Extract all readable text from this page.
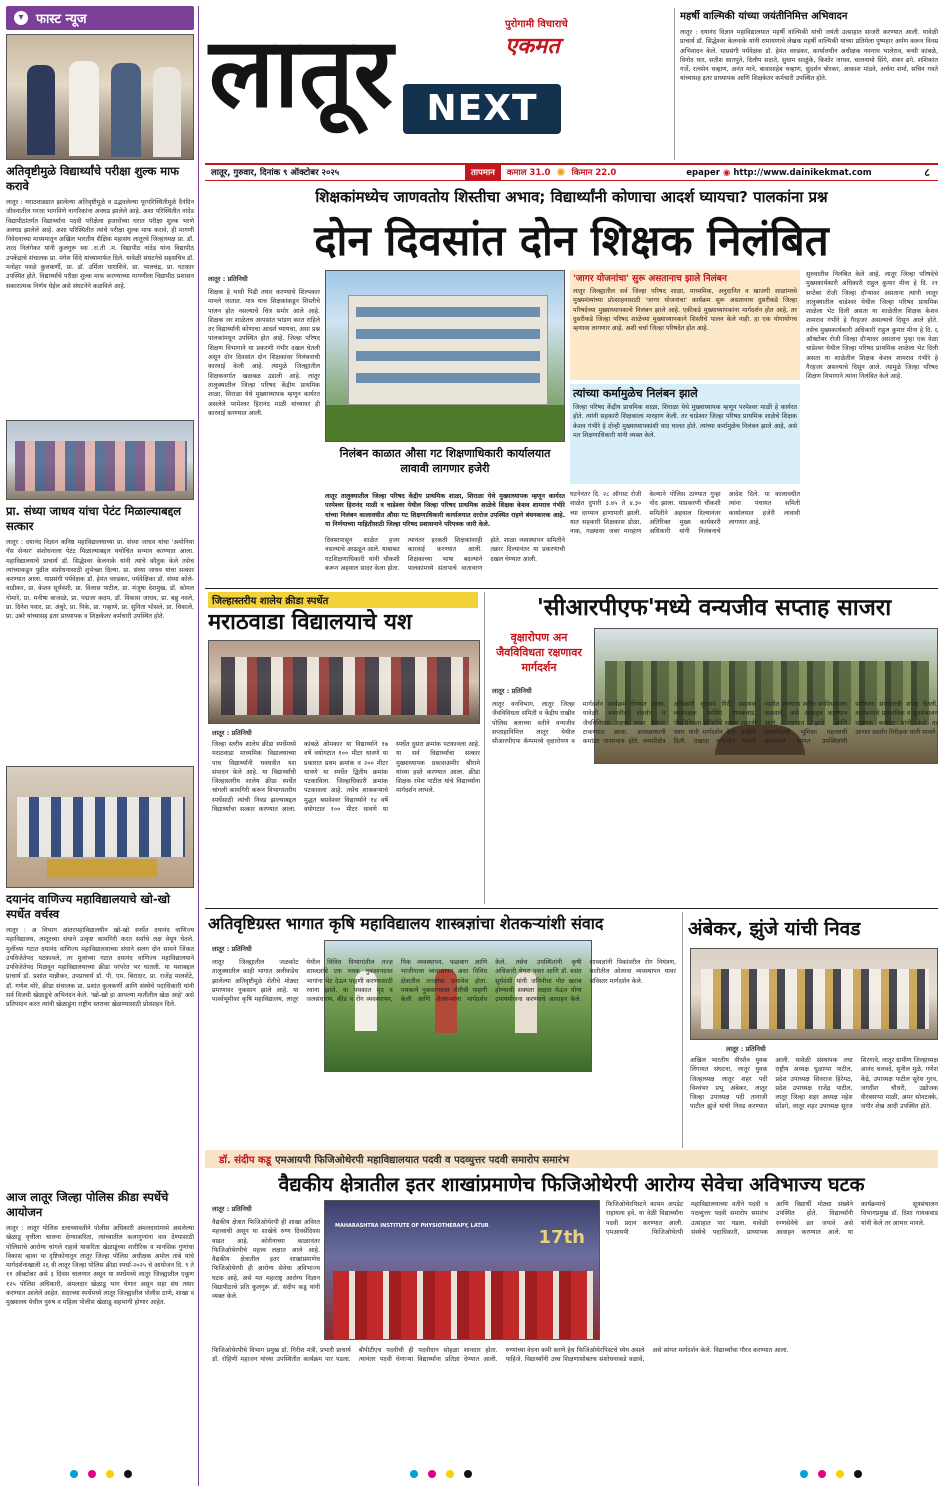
▾ फास्ट न्यूज
अतिवृष्टीमुळे विद्यार्थ्यांचे परीक्षा शुल्क माफ करावे
लातूर : मराठवाड्यात झालेल्या अतिवृष्टीमुळे व उद्भवलेल्या पूरपरिस्थितीमुळे दैनंदिन जीवनातील गरजा भागविणे नागरिकांना अवघड झालेले आहे. अशा परिस्थितीत नांदेड विद्यापीठांतर्गत विद्यार्थ्यांना पदवी परीक्षेला हजारोंच्या घरात परीक्षा शुल्क भरणे अवघड झालेले आहे. अशा परिस्थितीत त्यांचे परीक्षा शुल्क माफ करावे, ही मागणी निवेदनाच्या माध्यमातून अखिल भारतीय शैक्षिक महासंघ लातूरचे जिल्हाध्यक्ष प्रा. डॉ. शरद निलंगेकर यांनी कुलगुरू स्वा .रा.ती .म. विद्यापीठ नांदेड यांना विद्यापीठ उपकेंद्राचे संचालक प्रा. मंगेश शिंदे यांच्यामार्फत दिले. यावेळी संघटनेचे सहसचिव डॉ. मनोहर पवळे कुलकर्णी, प्रा. डॉ. उर्मिला धाराशिवे, प्रा. भालचंद्र, प्रा. घटकार उपस्थित होते. विद्यार्थ्यांचे परीक्षा शुल्क माफ करण्याच्या मागणीला विद्यापीठ प्रशासन सकारात्मक निर्णय घेईल असे संघटनेने कळविले आहे.
प्रा. संध्या जाधव यांचा पेटंट मिळाल्याबद्दल सत्कार
लातूर : दयानंद विज्ञान कनिष्ठ महाविद्यालयाच्या प्रा. संध्या जाधव यांचा 'अमोनिया गॅस सेन्सर' संशोधनाला पेटंट मिळाल्याबद्दल यथोचित सन्मान करण्यात आला. महाविद्यालयाचे प्राचार्य डॉ. सिद्धेश्वर केलनाके यांनी त्यांचे कौतुक केले तसेच त्यांच्याकडून पुढील संशोधनासाठी शुभेच्छा दिल्या. प्रा. संध्या जाधव यांचा सत्कार करण्यात आला. याप्रसंगी पर्यवेक्षक डॉ. हेमंत वरुडकर, पर्यवेक्षिका डॉ. संध्या कोले-वाडीकर, प्रा. केशव सूर्यवंशी, प्रा. विलास पाटील, प्रा. मंजुषा देशमुख, डॉ. कोमल गोमारे, प्रा. मनीषा बाजाळे, प्रा. पद्मजा कदम, डॉ. विकास जाधव, प्रा. बब्रु नवले, प्रा. दिनेश पवार, प्रा. अंबुरे, प्रा. पिके, प्रा. गव्हाणे, प्रा. सुनिता भोसले, प्रा. चिकाले, प्रा. उबरे यांच्यासह इतर प्राध्यापक व शिक्षकेतर कर्मचारी उपस्थित होते.
दयानंद वाणिज्य महाविद्यालयाचे खो-खो स्पर्धेत वर्चस्व
लातूर : अ विभाग आंतरमहाविद्यालयीन खो-खो स्पर्धेत दयानंद वाणिज्य महाविद्यालय, लातूरच्या संघाने उत्कृष्ट कामगिरी करत सर्वांचे लक्ष वेधून घेतले. मुलींच्या गटात दयानंद वाणिज्य महाविद्यालयाच्या संघाने सलग दोन सामने जिंकत उपविजेतेपद पटकावले, तर मुलांच्या गटात दयानंद वाणिज्य महाविद्यालयाने उपविजेतेपद मिळवून महाविद्यालयाच्या क्रीडा परंपरेत भर घातली. या यशाबद्दल प्राचार्य डॉ. प्रशांत मान्नीकर, उपप्राचार्य डॉ. पी. एम. बिरादार, प्रा. राजेंद्र मालशेटे, डॉ. गणेश मोरे, क्रीडा संचालक प्रा. प्रशांत कुलकर्णी आणि संस्थेचे पदाधिकारी यांनी सर्व विजयी खेळाडूंचे अभिनंदन केले. 'खो-खो हा आपल्या मातीतील खेळ आहे' असे प्रतिपादन करत त्यांनी खेळाडूंना राष्ट्रीय स्तरावर खेळण्यासाठी प्रोत्साहन दिले.
आज लातूर जिल्हा पोलिस क्रीडा स्पर्धेचे आयोजन
लातूर : लातूर पोलिस दलाच्यावतीने पोलीस अधिकारी अंमलदारांमध्ये असलेल्या खेळाडू वृत्तीला चालना देण्याकरिता, त्यांच्यातील कलागुणांना वाव देण्यासाठी पोलिसांचे आरोग्य चांगले राहावे याकरिता खेळाडूंच्या शारीरिक व मानसिक गुणांचा विकास व्हावा या दृष्टिकोनातून लातूर जिल्हा पोलिस अधीक्षक अमोल तांबे यांचे मार्गदर्शनाखाली २६ वी लातूर जिल्हा पोलिस क्रीडा स्पर्धा-२०२५ चे आयोजन दि. ९ ते ११ ऑक्टोबर असे ३ दिवस चालणार असून या स्पर्धेमध्ये लातूर जिल्ह्यातील एकूण १२५ पोलिस अधिकारी, अंमलदार खेळाडू भाग घेणार असून सहा संघ तयार करण्यात आलेले आहेत. सदरच्या स्पर्धेमध्ये लातूर जिल्ह्यातील पोलीस ठाणे, शाखा व मुख्यालय येथील पुरुष व महिला पोलीस खेळाडू सहभागी होणार आहेत.
लातूर	पुरोगामी विचाराचे
एकमत
NEXT
महर्षी वाल्मिकी यांच्या जयंतीनिमित्त अभिवादन
लातूर : दयानंद विज्ञान महाविद्यालयात महर्षी वाल्मिकी यांची जयंती उत्साहात साजरी करण्यात आली. यावेळी प्राचार्य डॉ. सिद्धेश्वर केलनाके यांनी रामायणाचे लेखक महर्षी वाल्मिकी यांच्या प्रतिमेला पुष्पहार अर्पण करून विनम्र अभिवादन केले. याप्रसंगी पर्यवेक्षक डॉ. हेमंत वरुडकर, कार्यालयीन अधीक्षक नवनाथ भालेराव, बन्सी कांबळे, विनोद धार, सतीश सातपुते, दिलीप सदाते, सुधाम साळुंके, किशोर जाधव, चालनायो सिंगे, शंकर ढगे, शशिकांत गर्जे, रत्नसेन चव्हाण, अनंत माने, बावासाहेब चव्हाण, सुदर्शन बोरकर, आकाश मांडवे, अर्चना शर्मा, सचिन गवते यांच्यासह इतर प्राध्यापक आणि शिक्षकेतर कर्मचारी उपस्थित होते.
लातूर, गुरुवार, दिनांक ९ ऑक्टोबर २०२५	तापमान	कमाल 31.0 ✺ किमान 22.0	epaper ◉ http://www.dainikekmat.com	८
शिक्षकांमध्येच जाणवतोय शिस्तीचा अभाव; विद्यार्थ्यांनी कोणाचा आदर्श घ्यायचा? पालकांना प्रश्न
दोन दिवसांत दोन शिक्षक निलंबित
लातूर : प्रतिनिधी
शिक्षक हे भावी पिढी तयार करण्याचे शिल्पकार मानले जातात. मात्र याच शिक्षकांकडून शिस्तीचे पालन होत नसल्याचे चित्र समोर आले आहे. शिक्षक जर शाळेतच आपसांत भांडण करत राहिले तर विद्यार्थ्यांनी कोणाचा आदर्श घ्यायचा, असा प्रश्न पालकांमधून उपस्थित होत आहे. जिल्हा परिषद शिक्षण विभागाने या प्रकरणी गंभीर दखल घेतली असून दोन दिवसांत दोन शिक्षकांवर निलंबनाची कारवाई केली आहे. त्यामुळे जिल्ह्यातील शिक्षकवर्गात खळबळ उडाली आहे. लातूर तालुक्यातील जिल्हा परिषद केंद्रीय प्राथमिक शाळा, शिराळा येथे मुख्याध्यापक म्हणून कार्यरत असलेले परमेश्वर हिरानंद माळी यांच्यावर ही कारवाई करण्यात आली.
निलंबन काळात औसा गट शिक्षणाधिकारी कार्यालयात लावावी लागणार हजेरी
लातूर तालुक्यातील जिल्हा परिषद केंद्रीय प्राथमिक शाळा, शिराळा येथे मुख्याध्यापक म्हणून कार्यरत परमेश्वर हिरानंद माळी व चाडेश्वर येथील जिल्हा परिषद प्राथमिक शाळेचे शिक्षक केशव शामराव गंभीरे यांच्या निलंबन कालावधीत औसा गट शिक्षणाधिकारी कार्यालयात दररोज उपस्थित राहणे बंधनकारक आहे. या निर्णयाच्या माहितीसाठी जिल्हा परिषद प्रशासनाने परिपत्रक जारी केले.
दिवसापासून शाळेत हजर नसल्याचे आढळून आले. याबाबत गटशिक्षणाधिकारी यांनी चौकशी करून अहवाल सादर केला होता. त्यानंतर हरकती शिक्षकांवरही कारवाई करण्यात आली. शिक्षकाच्या भाषा बदल्याने पालकांमध्ये संतापाचे वातावरण होते. शाळा व्यवस्थापन समितीने तक्रार दिल्यानंतर या प्रकरणाची दखल घेण्यात आली.
'जागर योजनांचा' सुरू असतानाच झाले निलंबन
लातूर जिल्ह्यातील सर्व जिल्हा परिषद शाळा, माध्यमिक, अनुदानित व खाजगी शाळांमध्ये मुख्यमंत्र्यांच्या प्रोत्साहनासाठी 'जागर योजनांचा' कार्यक्रम सुरू असतानाच दुसरीकडे जिल्हा परिषदेच्या मुख्याध्यापकाचे निलंबन झाले आहे. एकीकडे मुख्याध्यापकांना मार्गदर्शन होत आहे, तर दुसरीकडे जिल्हा परिषद शाळेच्या मुख्याध्यापकाने शिस्तीचे पालन केले नाही. हा एक योगायोगच म्हणावा लागणार आहे. अशी चर्चा जिल्हा परिषदेत होत आहे.
त्यांच्या कर्मामुळेच निलंबन झाले
जिल्हा परिषद केंद्रीय प्राथमिक शाळा, शिराळा येथे मुख्याध्यापक म्हणून परमेश्वर माळी हे कार्यरत होते. त्यांनी सहकारी शिक्षकाला मारहाण केली. तर चाडेश्वर जिल्हा परिषद प्राथमिक शाळेचे शिक्षक केशव गंभीरे हे दोन्ही मुख्याध्यापकांशी वाद घालत होते. त्यांच्या कर्मामुळेच निलंबन झाले आहे, असे मत शिक्षणाधिकारी यांनी व्यक्त केले.
घटनेनंतर दि. २८ ऑगस्ट रोजी शाळेत दुपारी ३.४५ ते ४.३० च्या दरम्यान हाणामारी झाली. यात सहकारी शिक्षकास डोळा, नाक, गळ्यावर जबर मारहाण केल्याने पोलिस ठाण्यात गुन्हा नोंद झाला. याप्रकरणी चौकशी समितीने अहवाल दिल्यानंतर अतिरिक्त मुख्य कार्यकारी अधिकारी यांनी निलंबनाचे आदेश दिले. या कालावधीत त्यांना पंचायत समिती कार्यालयात हजेरी लावावी लागणार आहे.
सुरुवातीस निलंबित केले आहे. लातूर जिल्हा परिषदेचे मुख्यकार्यकारी अधिकारी राहुल कुमार मीना हे दि. २१ सप्टेंबर रोजी जिल्हा दौऱ्यावर असताना त्यांनी लातूर तालुक्यातील चाडेश्वर येथील जिल्हा परिषद प्राथमिक शाळेला भेट दिली असता या शाळेतील शिक्षक केशव शामराव गंभीरे हे गैरहजर असल्याचे दिसून आले होते. तसेच मुख्यकार्यकारी अधिकारी राहुल कुमार मीना हे दि. ६ ऑक्टोबर रोजी जिल्हा दौऱ्यावर असताना पुन्हा एक वेळा चाडेश्वर येथील जिल्हा परिषद प्राथमिक शाळेला भेट दिली असता या शाळेतील शिक्षक केशव शामराव गंभीरे हे गैरहजर असल्याचे दिसून आले. त्यामुळे जिल्हा परिषद शिक्षण विभागाने त्यांना निलंबित केले आहे.
जिल्हास्तरीय शालेय क्रीडा स्पर्धेत
मराठवाडा विद्यालयाचे यश
लातूर : प्रतिनिधी
जिल्हा स्तरीय शालेय क्रीडा स्पर्धेमध्ये मराठवाडा माध्यमिक विद्यालयाच्या पाच विद्यार्थ्यांनी घवघवीत यश संपादन केले आहे. या विद्यार्थ्यांची जिल्हास्तरीय शालेय क्रीडा स्पर्धेत चांगली कामगिरी करून विभागस्तरीय स्पर्धेसाठी त्यांची निवड झाल्याबद्दल विद्यार्थ्यांचा सत्कार करण्यात आला. कांबळे ओमकार या विद्यार्थ्याने १७ वर्षे वयोगटात १०० मीटर धावणे या प्रकारात प्रथम क्रमांक व २०० मीटर धावणे या स्पर्धेत द्वितीय क्रमांक पटकाविला. जिल्हाधिकारी क्रमांक पटकावला आहे. तसेच शाकबऱ्याचे मुद्धत बसवेश्वर विद्यार्थ्याने १४ वर्षे वयोगटात १०० मीटर धावणे या स्पर्धेत दुसरा क्रमांक पटकावला आहे. या सर्व विद्यार्थ्यांचा सत्कार मुख्याध्यापक प्रकाशअमीर श्रीरामे यांच्या हस्ते करण्यात आला. क्रीडा शिक्षक रमेश पाटील यांचे विद्यार्थ्यांना मार्गदर्शन लाभले.
'सीआरपीएफ'मध्ये वन्यजीव सप्ताह साजरा
वृक्षारोपण अन जैवविविधता रक्षणावर मार्गदर्शन
लातूर : प्रतिनिधी
लातूर वनविभाग, लातूर जिल्हा जैवविविधता समिती व केंद्रीय राखीव पोलिस बलाच्या वतीने वन्यजीव सप्ताहानिमित्त लातूर येथील सीआरपीएफ कॅम्पमध्ये वृक्षारोपण व मार्गदर्शन कार्यक्रम घेण्यात आला. यावेळी वन्यजीव संवर्धन व जैवविविधता रक्षण यावर प्रकाश टाकण्यात आला. अध्यक्षस्थानी कमांडंट पारसनाथ होते. वनपरिक्षेत्र अधिकारी वृंदावन गिरी, सहायक वनसंरक्षक नरसिंग गायकवाड, जैवविविधता समितीचे सदस्य शहाजी पवार यांनी मार्गदर्शन केले. माहिती दिली. एखादा वन्यजीव मानवी वस्तीत आल्यास त्वरित वनविभागाला कळवावे, असे आवाहन करण्यात आले. रक्षणात झाडे आणि वन्यजीवांची भूमिका महत्त्वाची असल्याचे सांगत उपस्थितांनी पर्यावरण संवर्धनाची शपथ घेतली. कार्यक्रमाचे प्रास्ताविक व सूत्रसंचालन सहायक कमांडंट यांनी केले तर आभार प्रदर्शन निरीक्षक यांनी मानले.
अतिवृष्टिग्रस्त भागात कृषि महाविद्यालय शास्त्रज्ञांचा शेतकऱ्यांशी संवाद
लातूर : प्रतिनिधी
लातूर जिल्ह्यातील जळकोट तालुक्यातील काही भागात अलीकडेच झालेल्या अतिवृष्टीमुळे शेतीचे मोठ्या प्रमाणावर नुकसान झाले आहे. या पार्श्वभूमीवर कृषि महाविद्यालय, लातूर येथील विविध विभागांतील तज्ज्ञ शास्त्रज्ञांचे एक पथक नुकसानग्रस्त भागांना भेट देऊन पाहणी करण्यासाठी रवाना झाले. या पथकात मृद व जलसंधारण, कीड व रोग व्यवस्थापन, पिक व्यवस्थापन, फळबाग आणि भाजीपाला व्यवस्थापन अशा विविध क्षेत्रातील तज्ज्ञांचा समावेश होता. पथकाने नुकसानग्रस्त शेतीची पाहणी केली आणि शेतकऱ्यांना मार्गदर्शन केले. तसेच उपस्थितांनी कृषी अधिकारी श्रेयश पवार आणि डॉ. बसंत सूर्यवंशी यांनी जमिनीचा पोत खराब होण्याची शक्यता लक्षात घेऊन योग्य उपाययोजना करण्याचे आवाहन केले. शास्त्रज्ञांनी पिकांवरील रोग नियंत्रण, मातीतील ओलावा व्यवस्थापन यावर सविस्तर मार्गदर्शन केले.
अंबेकर, झुंजे यांची निवड
लातूर : प्रतिनिधी
अखिल भारतीय वीरशैव युवक लिंगायत संघटना, लातूर युवक जिल्हाध्यक्ष लातूर शहर पदी विश्वंभर प्रभू अंबेकर, लातूर जिल्हा उपाध्यक्ष पदी तानाजी पाटील झुंजे यांची निवड करण्यात आली. यावेळी संस्थापक तथा राष्ट्रीय अध्यक्ष धुळाप्पा पाटील, प्रदेश उपाध्यक्ष शिवराज हिरेमठ, प्रदेश उपाध्यक्ष राजेंद्र पाटील, लातूर जिल्हा शहर अध्यक्ष महेश सोंडगे, लातूर शहर उपाध्यक्ष सूरज शिरगावे, लातूर ग्रामीण जिल्हाध्यक्ष आनंद चलवदे, सुनील मुळे, गणेश केंद्रे, उपाध्यक्ष पाटील सुरेश गुरव, जगदीश चौधरी, उद्योजक वीरबसप्पा माळी, अमर सोनटक्के, जगीर शेख आदी उपस्थित होते.
डॉ. संदीप कडू एमआयपी फिजिओथेरपी महाविद्यालयात पदवी व पदव्युत्तर पदवी समारोप समारंभ
वैद्यकीय क्षेत्रातील इतर शाखांप्रमाणेच फिजिओथेरपी आरोग्य सेवेचा अविभाज्य घटक
लातूर : प्रतिनिधी
वैद्यकीय क्षेत्रात फिजिओथेरपी ही शाखा अविरत महत्त्वाची असून या शाखेचे रुग्ण दिवसेंदिवस वाढत आहे. कोरोनाच्या काळानंतर फिजिओथेरपीचे महत्त्व लक्षात आले आहे. वैद्यकीय क्षेत्रातील इतर शाखांप्रमाणेच फिजिओथेरपी ही आरोग्य सेवेचा अविभाज्य घटक आहे, असे मत महाराष्ट्र आरोग्य विज्ञान विद्यापीठाचे प्रति कुलगुरू डॉ. संदीप कडू यांनी व्यक्त केले.
MAHARASHTRA INSTITUTE OF PHYSIOTHERAPY, LATUR
17th
फिजिओथेरपिस्टने कायम अपडेट राहायला हवे. या वेळी विद्यार्थ्यांना पदवी प्रदान करण्यात आली. एमआयपी फिजिओथेरपी महाविद्यालयाच्या वतीने पदवी व पदव्युत्तर पदवी समारोप समारंभ उत्साहात पार पडला. यावेळी संस्थेचे पदाधिकारी, प्राध्यापक आणि विद्यार्थी मोठ्या संख्येने उपस्थित होते. विद्यार्थ्यांनी रुग्णसेवेचे व्रत जपावे असे आवाहन करण्यात आले. या कार्यक्रमाचे सूत्रसंचालन विभागप्रमुख डॉ. दिशा गायकवाड यांनी केले तर आभार मानले.
फिजिओथेरपीचे विभाग प्रमुख डॉ. गिरीश मंत्री, प्रभारी प्राचार्य डॉ. रोहिणी महाजन यांच्या उपस्थितीत कार्यक्रम पार पडला. बीपीटीएच पदवीची ही पदवीदान सोहळा शानदार होता. त्यानंतर पदवी घेणाऱ्या विद्यार्थ्यांना प्रतिज्ञा देण्यात आली. रुग्णांच्या वेदना कमी करणे हेच फिजिओथेरपिस्टचे ध्येय असले पाहिजे. विद्यार्थ्यांनी उच्च शिक्षणासोबतच संशोधनाकडे वळावे, असे सांगत मार्गदर्शन केले. विद्यार्थ्यांचा गौरव करण्यात आला.
